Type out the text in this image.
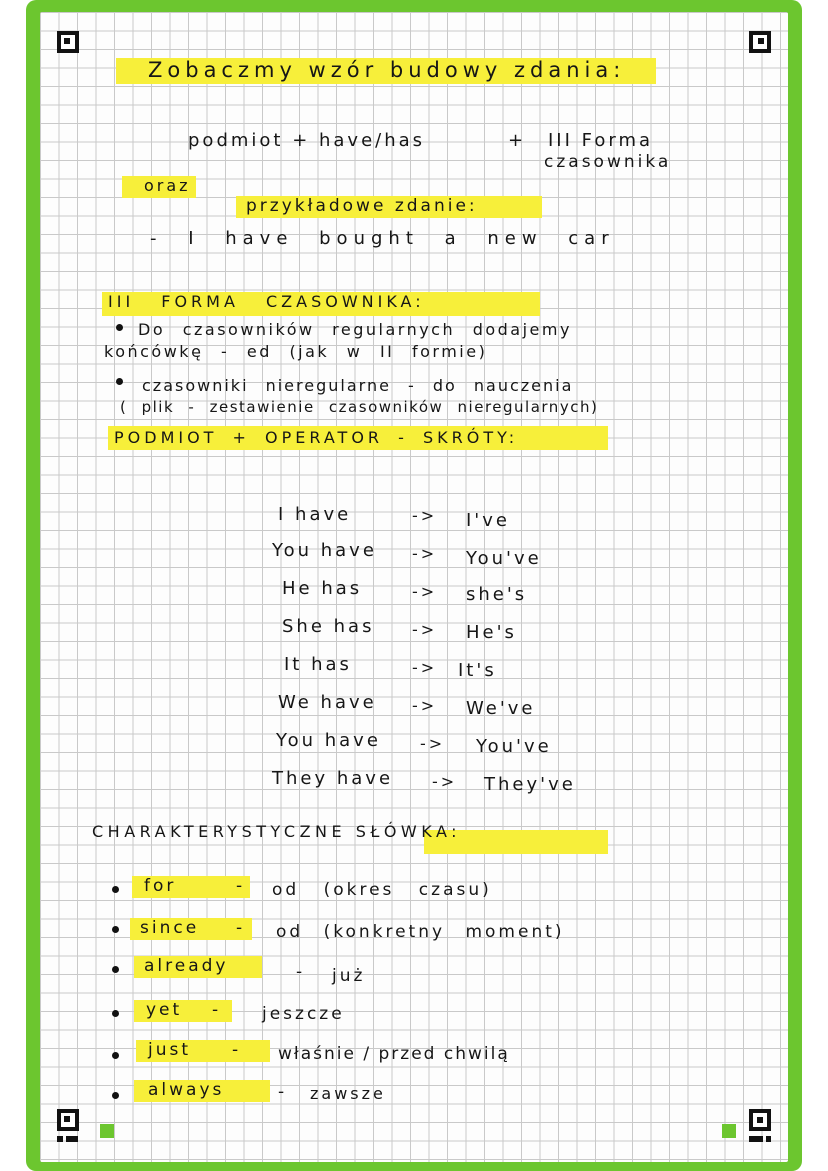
Zobaczmy wzór budowy zdania:
podmiot + have/has	+ III Forma
czasownika
oraz
przykładowe zdanie:
- I have bought a new car
III FORMA CZASOWNIKA:
Do czasowników regularnych dodajemy
końcówkę - ed (jak w II formie)
czasowniki nieregularne - do nauczenia
( plik - zestawienie czasowników nieregularnych)
PODMIOT + OPERATOR - SKRÓTY:
I have	-> I've
You have -> You've
He has	-> she's
She has -> He's
It has	-> It's
We have -> We've
You have -> You've
They have -> They've
CHARAKTERYSTYCZNE SŁÓWKA:
for	- od (okres czasu)
since - od (konkretny moment)
already	- już
yet - jeszcze
just - właśnie / przed chwilą
always	- zawsze
